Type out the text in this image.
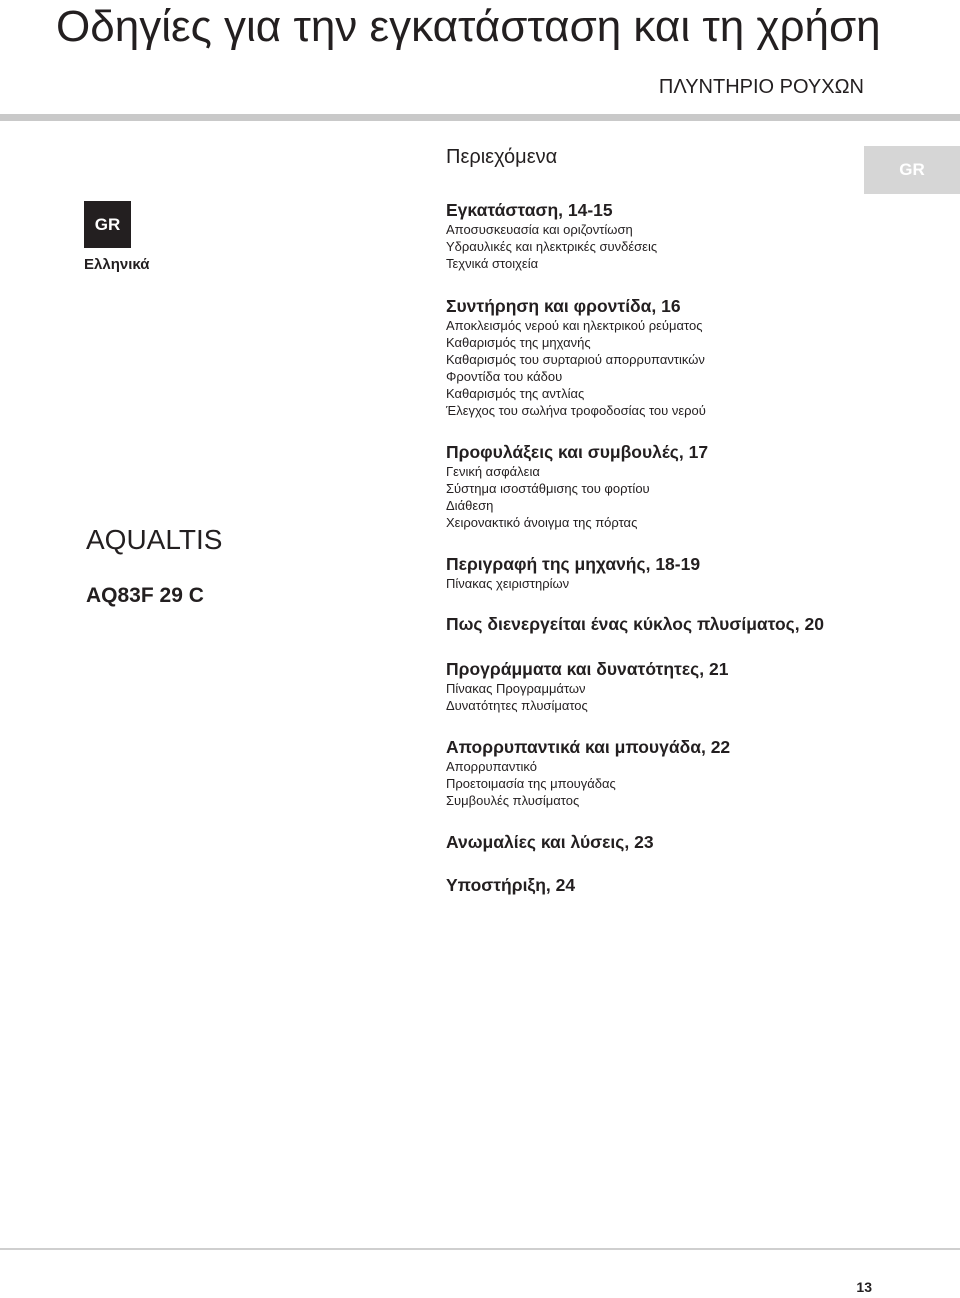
Οδηγίες για την εγκατάσταση και τη χρήση
ΠΛΥΝΤΗΡΙΟ ΡΟΥΧΩΝ
Περιεχόμενα
GR
GR
Ελληνικά
AQUALTIS
AQ83F 29 C
Εγκατάσταση, 14-15
Αποσυσκευασία και οριζοντίωση
Υδραυλικές και ηλεκτρικές συνδέσεις
Τεχνικά στοιχεία
Συντήρηση και φροντίδα, 16
Αποκλεισμός νερού και ηλεκτρικού ρεύματος
Καθαρισμός της μηχανής
Καθαρισμός του συρταριού απορρυπαντικών
Φροντίδα του κάδου
Καθαρισμός της αντλίας
Έλεγχος του σωλήνα τροφοδοσίας του νερού
Προφυλάξεις και συμβουλές, 17
Γενική ασφάλεια
Σύστημα ισοστάθμισης του φορτίου
Διάθεση
Χειρονακτικό άνοιγμα της πόρτας
Περιγραφή της μηχανής, 18-19
Πίνακας χειριστηρίων
Πως διενεργείται ένας κύκλος πλυσίματος, 20
Προγράμματα και δυνατότητες, 21
Πίνακας Προγραμμάτων
Δυνατότητες πλυσίματος
Απορρυπαντικά και μπουγάδα, 22
Απορρυπαντικό
Προετοιμασία της μπουγάδας
Συμβουλές πλυσίματος
Ανωμαλίες και λύσεις, 23
Υποστήριξη, 24
13
